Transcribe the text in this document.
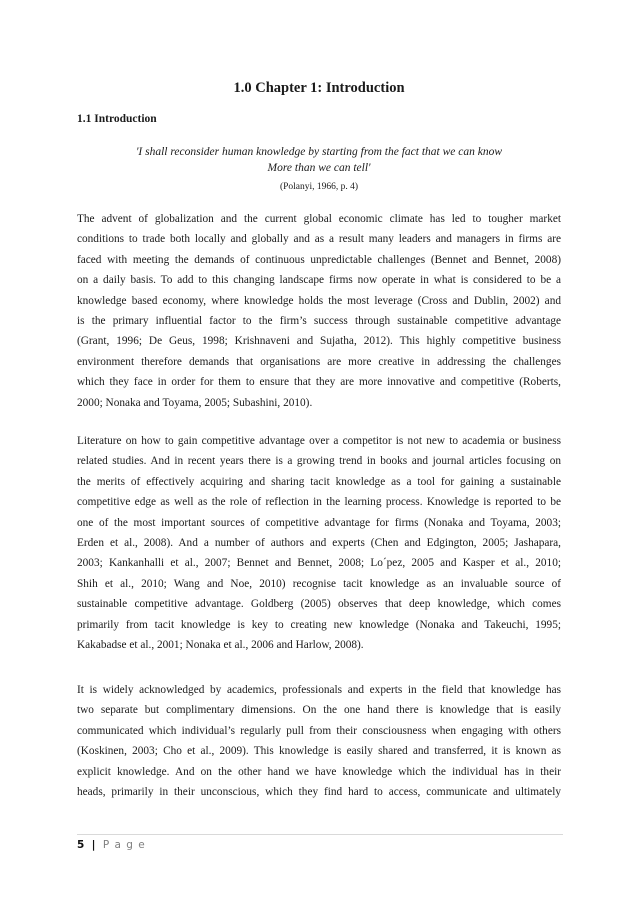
1.0 Chapter 1: Introduction
1.1 Introduction
'I shall reconsider human knowledge by starting from the fact that we can know
More than we can tell'
(Polanyi, 1966, p. 4)
The advent of globalization and the current global economic climate has led to tougher market
conditions to trade both locally and globally and as a result many leaders and managers in firms are
faced with meeting the demands of continuous unpredictable challenges (Bennet and Bennet, 2008)
on a daily basis. To add to this changing landscape firms now operate in what is considered to be a
knowledge based economy, where knowledge holds the most leverage (Cross and Dublin, 2002) and
is the primary influential factor to the firm’s success through sustainable competitive advantage
(Grant, 1996; De Geus, 1998; Krishnaveni and Sujatha, 2012). This highly competitive business
environment therefore demands that organisations are more creative in addressing the challenges
which they face in order for them to ensure that they are more innovative and competitive (Roberts,
2000; Nonaka and Toyama, 2005; Subashini, 2010).
Literature on how to gain competitive advantage over a competitor is not new to academia or business
related studies. And in recent years there is a growing trend in books and journal articles focusing on
the merits of effectively acquiring and sharing tacit knowledge as a tool for gaining a sustainable
competitive edge as well as the role of reflection in the learning process. Knowledge is reported to be
one of the most important sources of competitive advantage for firms (Nonaka and Toyama, 2003;
Erden et al., 2008). And a number of authors and experts (Chen and Edgington, 2005; Jashapara,
2003; Kankanhalli et al., 2007; Bennet and Bennet, 2008; Lo´pez, 2005 and Kasper et al., 2010;
Shih et al., 2010; Wang and Noe, 2010) recognise tacit knowledge as an invaluable source of
sustainable competitive advantage. Goldberg (2005) observes that deep knowledge, which comes
primarily from tacit knowledge is key to creating new knowledge (Nonaka and Takeuchi, 1995;
Kakabadse et al., 2001; Nonaka et al., 2006 and Harlow, 2008).
It is widely acknowledged by academics, professionals and experts in the field that knowledge has
two separate but complimentary dimensions. On the one hand there is knowledge that is easily
communicated which individual’s regularly pull from their consciousness when engaging with others
(Koskinen, 2003; Cho et al., 2009). This knowledge is easily shared and transferred, it is known as
explicit knowledge. And on the other hand we have knowledge which the individual has in their
heads, primarily in their unconscious, which they find hard to access, communicate and ultimately
5 | P a g e
